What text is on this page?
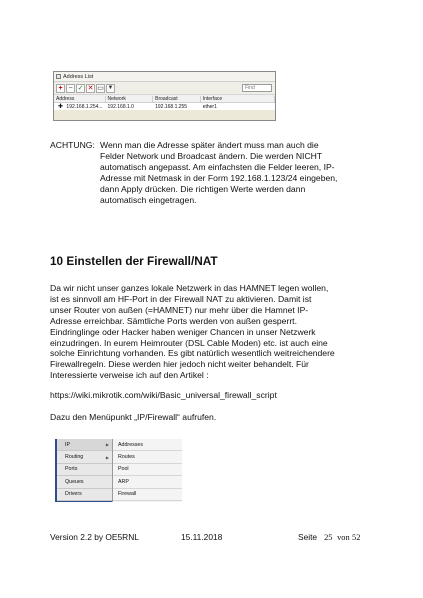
Address List
+ − ✓ ✕ ▭ ▼	Find
Address	Network	Broadcast	Interface
✚ 192.168.1.254... 192.168.1.0	192.168.1.255	ether1
ACHTUNG: Wenn man die Adresse später ändert muss man auch die
Felder Network und Broadcast ändern. Die werden NICHT
automatisch angepasst. Am einfachsten die Felder leeren, IP-
Adresse mit Netmask in der Form 192.168.1.123/24 eingeben,
dann Apply drücken. Die richtigen Werte werden dann
automatisch eingetragen.
10 Einstellen der Firewall/NAT
Da wir nicht unser ganzes lokale Netzwerk in das HAMNET legen wollen,
ist es sinnvoll am HF-Port in der Firewall NAT zu aktivieren. Damit ist
unser Router von außen (=HAMNET) nur mehr über die Hamnet IP-
Adresse erreichbar. Sämtliche Ports werden von außen gesperrt.
Eindringlinge oder Hacker haben weniger Chancen in unser Netzwerk
einzudringen. In eurem Heimrouter (DSL Cable Moden) etc. ist auch eine
solche Einrichtung vorhanden. Es gibt natürlich wesentlich weitreichendere
Firewallregeln. Diese werden hier jedoch nicht weiter behandelt. Für
Interessierte verweise ich auf den Artikel :
https://wiki.mikrotik.com/wiki/Basic_universal_firewall_script
Dazu den Menüpunkt „IP/Firewall“ aufrufen.
IP	▶
Routing	▶
Ports
Queues
Drivers
Addresses
Routes
Pool
ARP
Firewall
Version 2.2 by OE5RNL	15.11.2018	Seite 25 von 52
